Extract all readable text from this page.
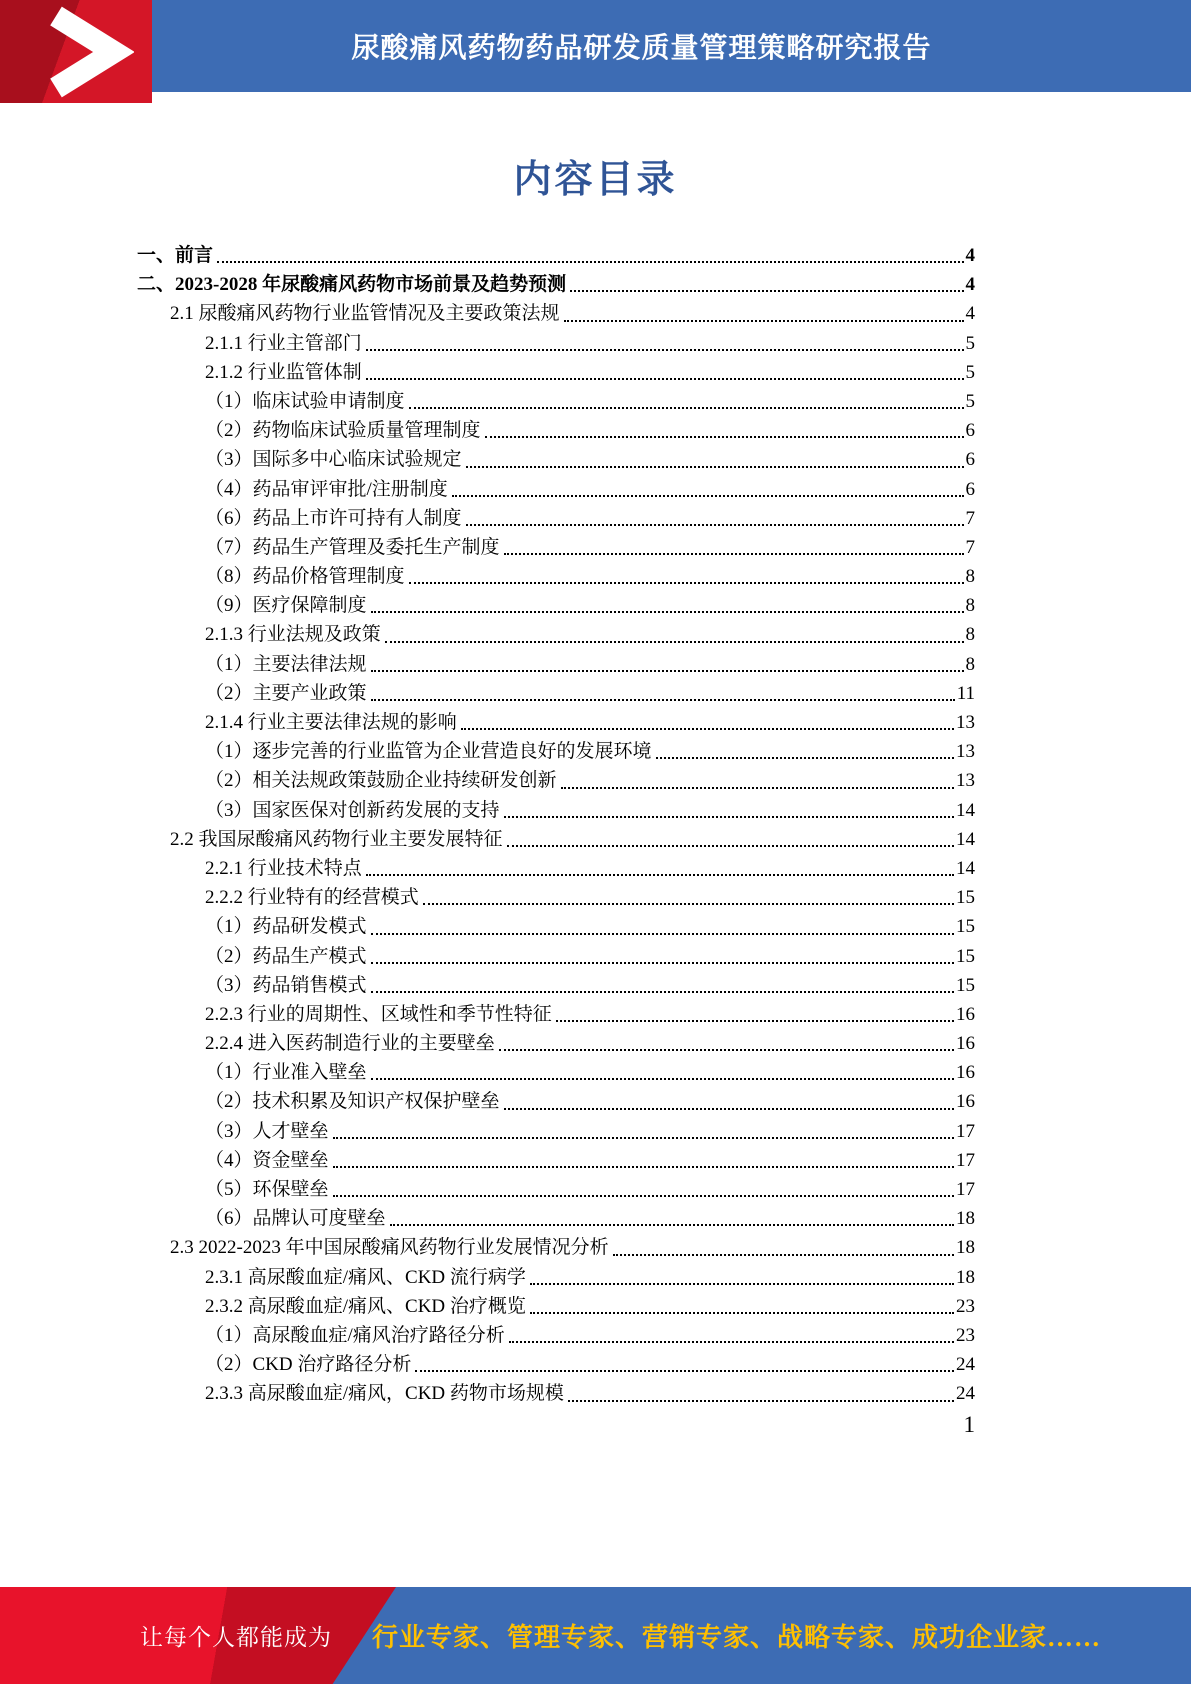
尿酸痛风药物药品研发质量管理策略研究报告
内容目录
一、前言	4
二、2023-2028 年尿酸痛风药物市场前景及趋势预测	4
2.1 尿酸痛风药物行业监管情况及主要政策法规	4
2.1.1 行业主管部门	5
2.1.2 行业监管体制	5
（1）临床试验申请制度	5
（2）药物临床试验质量管理制度	6
（3）国际多中心临床试验规定	6
（4）药品审评审批/注册制度	6
（6）药品上市许可持有人制度	7
（7）药品生产管理及委托生产制度	7
（8）药品价格管理制度	8
（9）医疗保障制度	8
2.1.3 行业法规及政策	8
（1）主要法律法规	8
（2）主要产业政策	11
2.1.4 行业主要法律法规的影响	13
（1）逐步完善的行业监管为企业营造良好的发展环境	13
（2）相关法规政策鼓励企业持续研发创新	13
（3）国家医保对创新药发展的支持	14
2.2 我国尿酸痛风药物行业主要发展特征	14
2.2.1 行业技术特点	14
2.2.2 行业特有的经营模式	15
（1）药品研发模式	15
（2）药品生产模式	15
（3）药品销售模式	15
2.2.3 行业的周期性、区域性和季节性特征	16
2.2.4 进入医药制造行业的主要壁垒	16
（1）行业准入壁垒	16
（2）技术积累及知识产权保护壁垒	16
（3）人才壁垒	17
（4）资金壁垒	17
（5）环保壁垒	17
（6）品牌认可度壁垒	18
2.3 2022-2023 年中国尿酸痛风药物行业发展情况分析	18
2.3.1 高尿酸血症/痛风、CKD 流行病学	18
2.3.2 高尿酸血症/痛风、CKD 治疗概览	23
（1）高尿酸血症/痛风治疗路径分析	23
（2）CKD 治疗路径分析	24
2.3.3 高尿酸血症/痛风，CKD 药物市场规模	24
1
让每个人都能成为 行业专家、管理专家、营销专家、战略专家、成功企业家……
